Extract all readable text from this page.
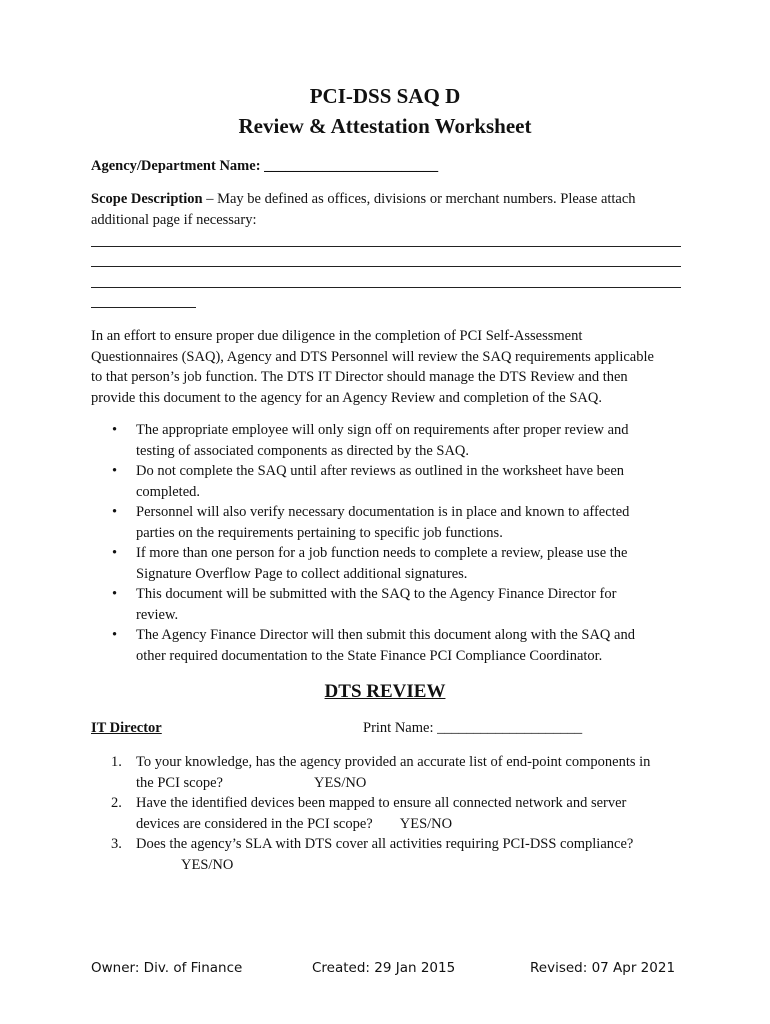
PCI-DSS SAQ D
Review & Attestation Worksheet
Agency/Department Name: ________________________
Scope Description – May be defined as offices, divisions or merchant numbers. Please attach
additional page if necessary:
In an effort to ensure proper due diligence in the completion of PCI Self-Assessment
Questionnaires (SAQ), Agency and DTS Personnel will review the SAQ requirements applicable
to that person’s job function. The DTS IT Director should manage the DTS Review and then
provide this document to the agency for an Agency Review and completion of the SAQ.
• The appropriate employee will only sign off on requirements after proper review and
testing of associated components as directed by the SAQ.
• Do not complete the SAQ until after reviews as outlined in the worksheet have been
completed.
• Personnel will also verify necessary documentation is in place and known to affected
parties on the requirements pertaining to specific job functions.
• If more than one person for a job function needs to complete a review, please use the
Signature Overflow Page to collect additional signatures.
• This document will be submitted with the SAQ to the Agency Finance Director for
review.
• The Agency Finance Director will then submit this document along with the SAQ and
other required documentation to the State Finance PCI Compliance Coordinator.
DTS REVIEW
IT Director	Print Name: ____________________
1. To your knowledge, has the agency provided an accurate list of end-point components in
the PCI scope?	YES/NO
2. Have the identified devices been mapped to ensure all connected network and server
devices are considered in the PCI scope? YES/NO
3. Does the agency’s SLA with DTS cover all activities requiring PCI-DSS compliance?
YES/NO
Owner: Div. of Finance	Created: 29 Jan 2015	Revised: 07 Apr 2021
